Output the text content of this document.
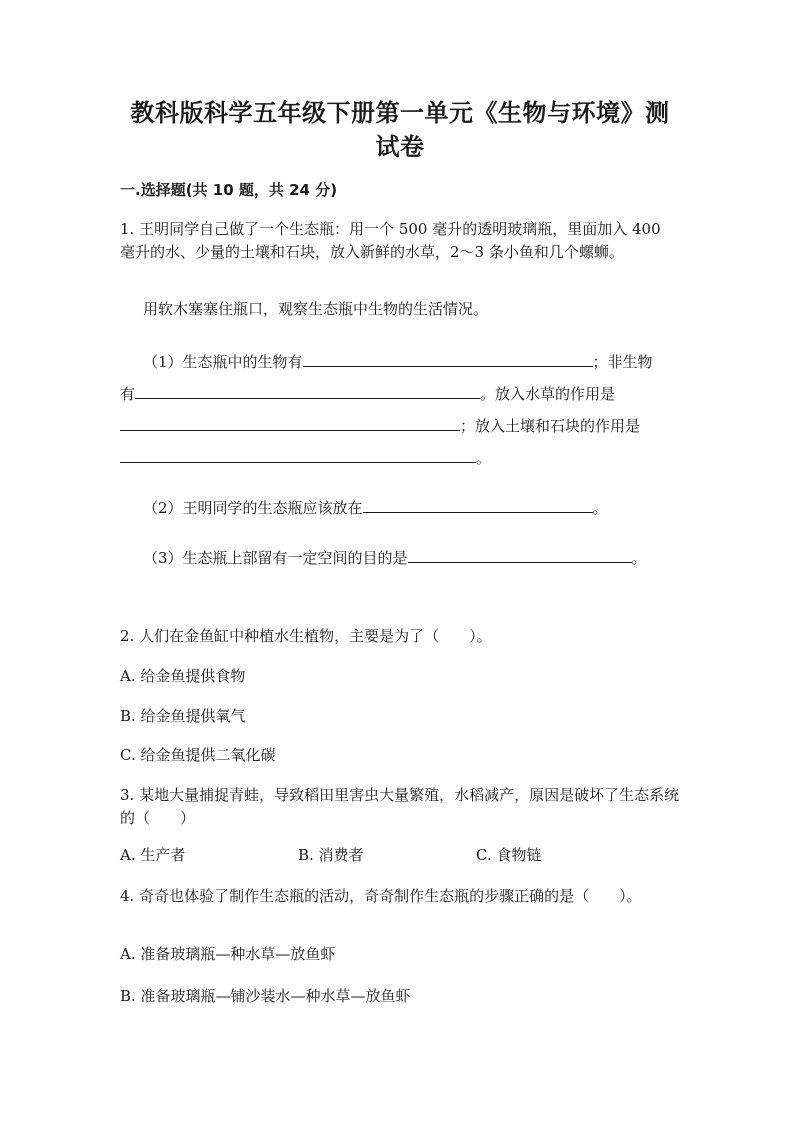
教科版科学五年级下册第一单元《生物与环境》测
试卷
一.选择题(共 10 题，共 24 分)
1. 王明同学自己做了一个生态瓶：用一个 500 毫升的透明玻璃瓶，里面加入 400 毫升的水、少量的土壤和石块，放入新鲜的水草，2～3 条小鱼和几个螺蛳。
用软木塞塞住瓶口，观察生态瓶中生物的生活情况。
（1）生态瓶中的生物有	；非生物
有	。放入水草的作用是
；放入土壤和石块的作用是
。
（2）王明同学的生态瓶应该放在	。
（3）生态瓶上部留有一定空间的目的是	。
2. 人们在金鱼缸中种植水生植物，主要是为了（　　）。
A. 给金鱼提供食物
B. 给金鱼提供氧气
C. 给金鱼提供二氧化碳
3. 某地大量捕捉青蛙，导致稻田里害虫大量繁殖，水稻减产，原因是破坏了生态系统的（　　）
A. 生产者	B. 消费者	C. 食物链
4. 奇奇也体验了制作生态瓶的活动，奇奇制作生态瓶的步骤正确的是（　　）。
A. 准备玻璃瓶—种水草—放鱼虾
B. 准备玻璃瓶—铺沙装水—种水草—放鱼虾
